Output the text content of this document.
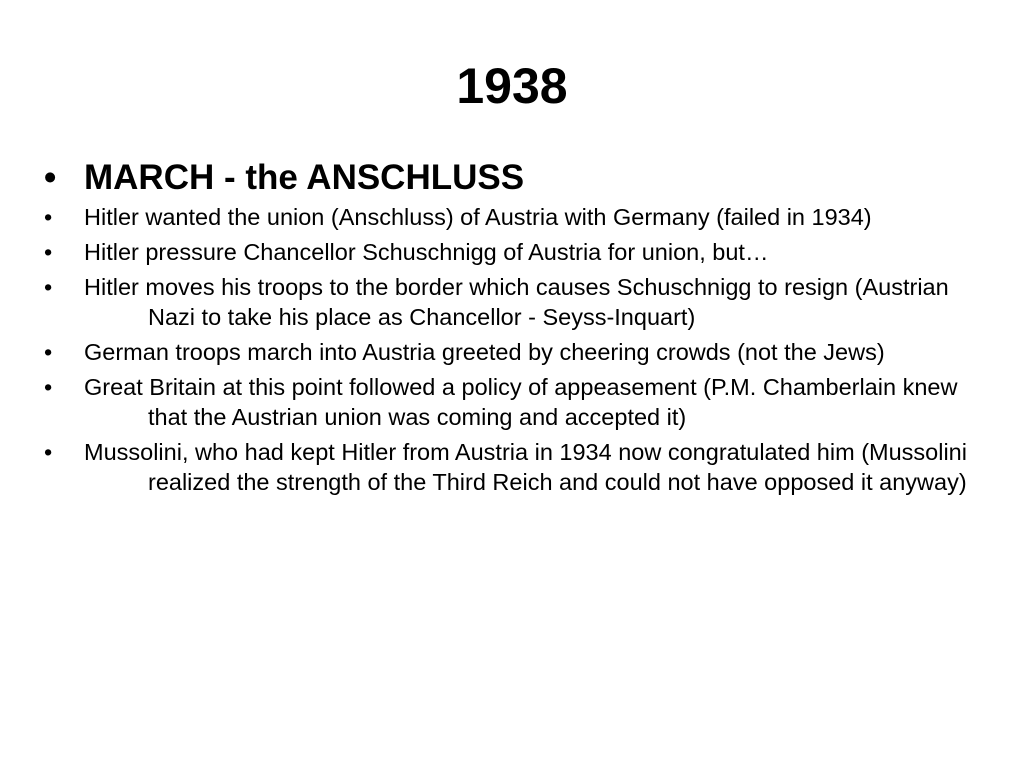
1938
• MARCH - the ANSCHLUSS
•	Hitler wanted the union (Anschluss) of Austria with Germany (failed in 1934)
•	Hitler pressure Chancellor Schuschnigg of Austria for union, but…
•	Hitler moves his troops to the border which causes Schuschnigg to resign (Austrian Nazi to take his place as Chancellor - Seyss-Inquart)
•	German troops march into Austria greeted by cheering crowds (not the Jews)
•	Great Britain at this point followed a policy of appeasement (P.M. Chamberlain knew that the Austrian union was coming and accepted it)
•	Mussolini, who had kept Hitler from Austria in 1934 now congratulated him (Mussolini realized the strength of the Third Reich and could not have opposed it anyway)
